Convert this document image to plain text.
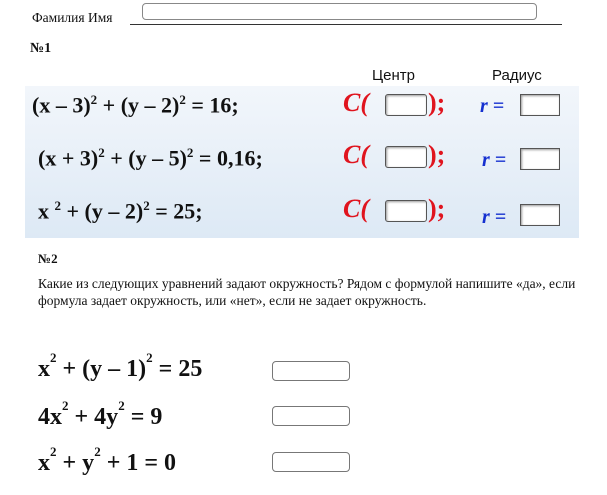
Фамилия Имя
№1
Центр	Радиус
(x – 3)$^2$ + (y – 2)$^2$ = 16;	C( ); r =
$(x + 3)^2 + (y - 5)^2 = 0,16$;	C( ); r =
x $^2$ + (y – 2)$^2$ = 25;	C( ); r =
№2
Какие из следующих уравнений задают окружность? Рядом с формулой напишите «да», если формула задает окружность, или «нет», если не задает окружность.
$x^2 + (y - 1)^2 = 25$
$4x^2 + 4y^2 = 9$
$x^2 + y^2 + 1 = 0$
